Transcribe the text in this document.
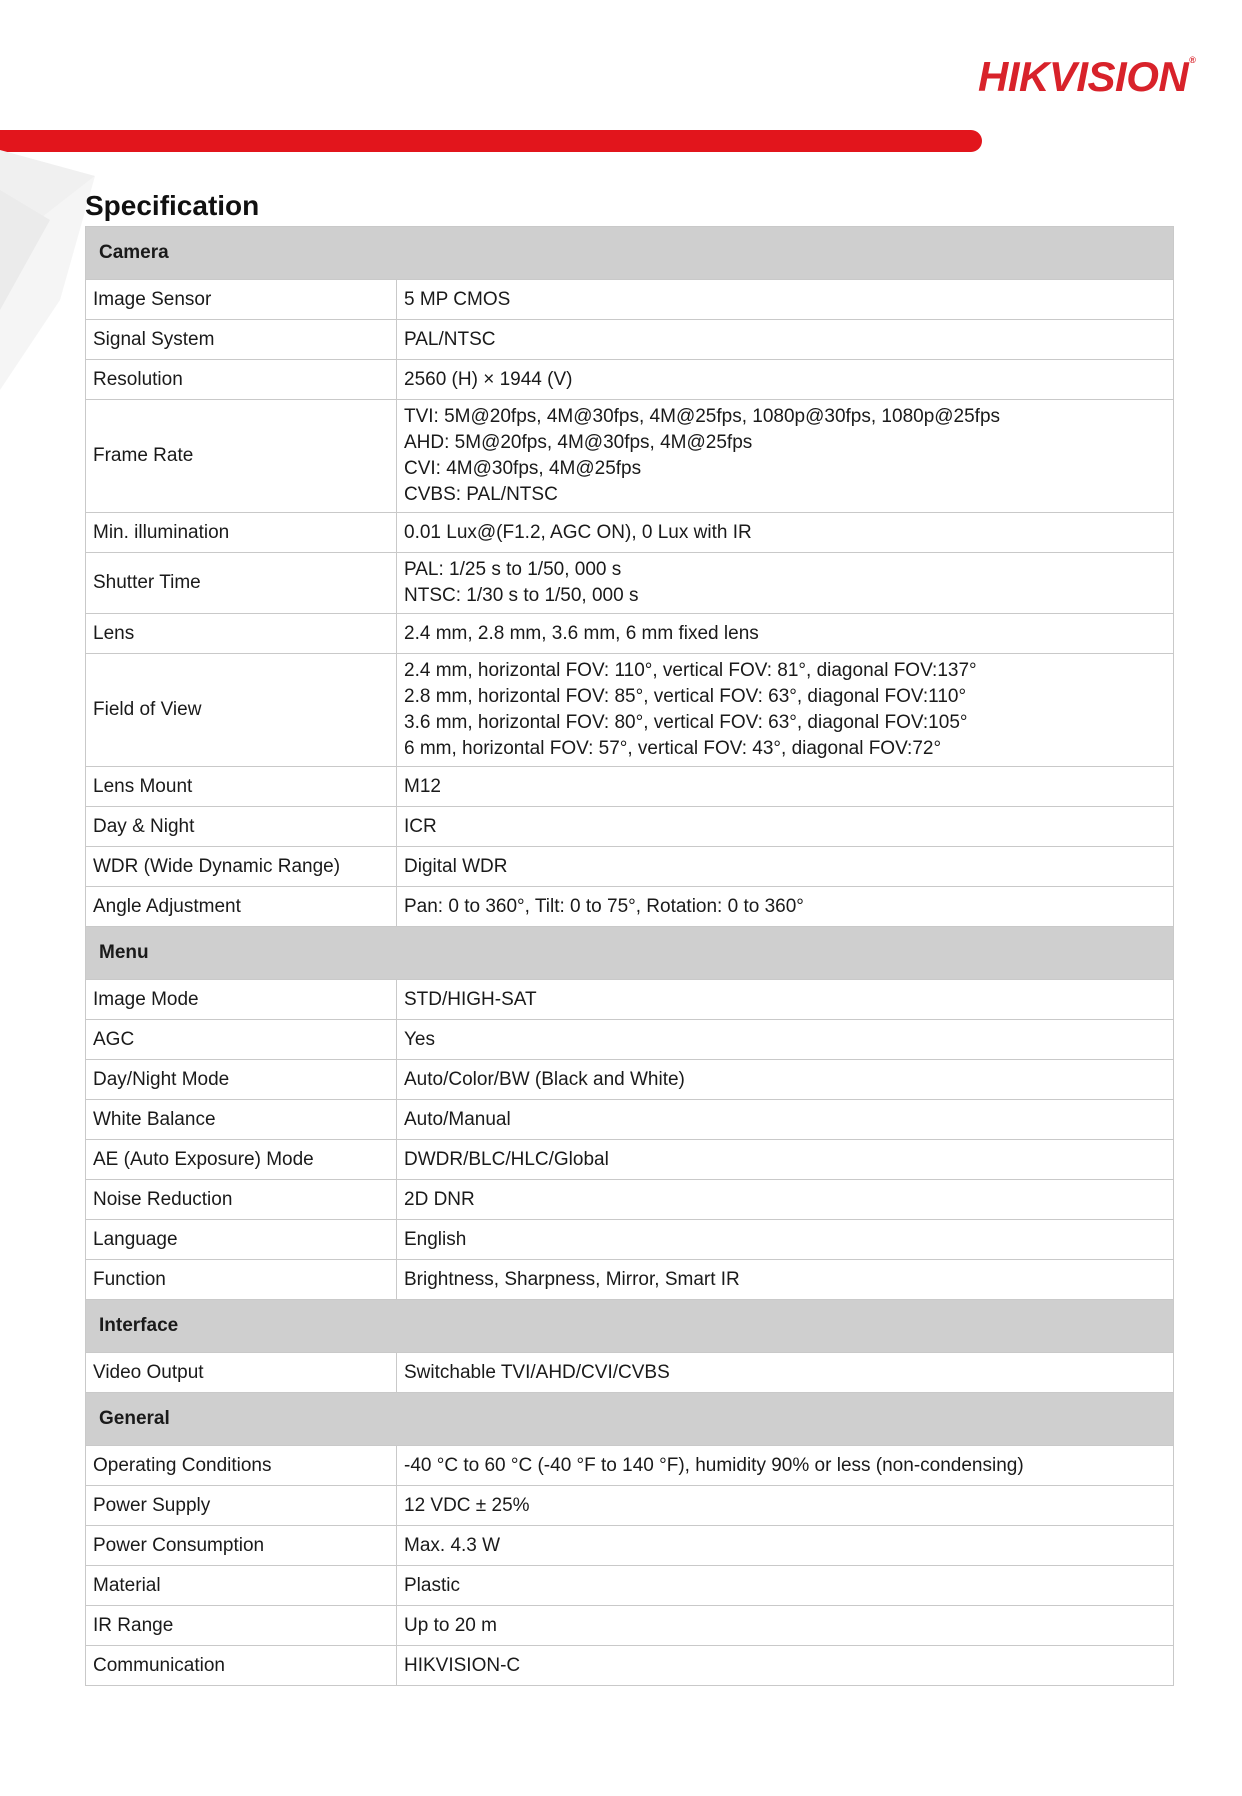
HIKVISION®
Specification
Camera	
Image Sensor	5 MP CMOS

Signal System	PAL/NTSC

Resolution	2560 (H) × 1944 (V)

Frame Rate	TVI: 5M@20fps, 4M@30fps, 4M@25fps, 1080p@30fps, 1080p@25fps
AHD: 5M@20fps, 4M@30fps, 4M@25fps
CVI: 4M@30fps, 4M@25fps
CVBS: PAL/NTSC

Min. illumination	0.01 Lux@(F1.2, AGC ON), 0 Lux with IR

Shutter Time	PAL: 1/25 s to 1/50, 000 s
NTSC: 1/30 s to 1/50, 000 s

Lens	2.4 mm, 2.8 mm, 3.6 mm, 6 mm fixed lens

Field of View	2.4 mm, horizontal FOV: 110°, vertical FOV: 81°, diagonal FOV:137°
2.8 mm, horizontal FOV: 85°, vertical FOV: 63°, diagonal FOV:110°
3.6 mm, horizontal FOV: 80°, vertical FOV: 63°, diagonal FOV:105°
6 mm, horizontal FOV: 57°, vertical FOV: 43°, diagonal FOV:72°

Lens Mount	M12

Day & Night	ICR

WDR (Wide Dynamic Range)	Digital WDR

Angle Adjustment	Pan: 0 to 360°, Tilt: 0 to 75°, Rotation: 0 to 360°

Menu	
Image Mode	STD/HIGH-SAT

AGC	Yes

Day/Night Mode	Auto/Color/BW (Black and White)

White Balance	Auto/Manual

AE (Auto Exposure) Mode	DWDR/BLC/HLC/Global

Noise Reduction	2D DNR

Language	English

Function	Brightness, Sharpness, Mirror, Smart IR

Interface	
Video Output	Switchable TVI/AHD/CVI/CVBS

General	
Operating Conditions	-40 °C to 60 °C (-40 °F to 140 °F), humidity 90% or less (non-condensing)

Power Supply	12 VDC ± 25%

Power Consumption	Max. 4.3 W

Material	Plastic

IR Range	Up to 20 m

Communication	HIKVISION-C
